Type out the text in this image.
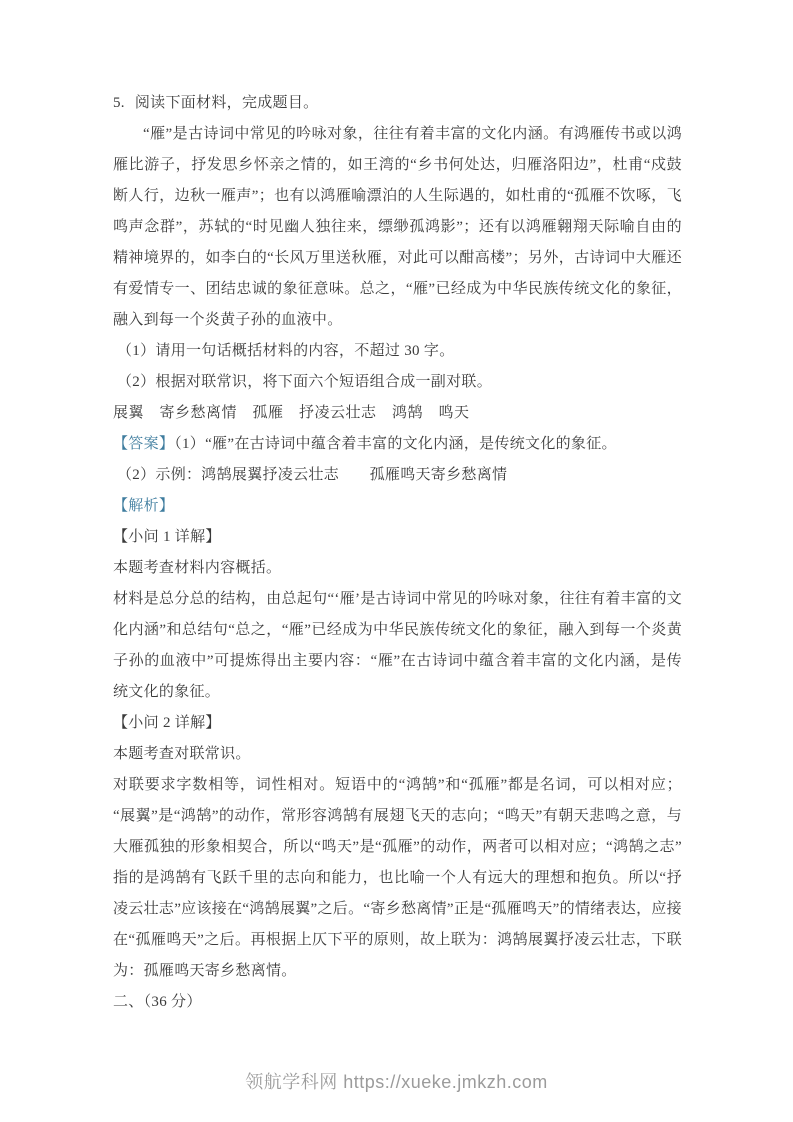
5. 阅读下面材料，完成题目。

“雁”是古诗词中常见的吟咏对象，往往有着丰富的文化内涵。有鸿雁传书或以鸿雁比游子，抒发思乡怀亲之情的，如王湾的“乡书何处达，归雁洛阳边”，杜甫“戍鼓断人行，边秋一雁声”；也有以鸿雁喻漂泊的人生际遇的，如杜甫的“孤雁不饮啄，飞鸣声念群”，苏轼的“时见幽人独往来，缥缈孤鸿影”；还有以鸿雁翱翔天际喻自由的精神境界的，如李白的“长风万里送秋雁，对此可以酣高楼”；另外，古诗词中大雁还有爱情专一、团结忠诚的象征意味。总之，“雁”已经成为中华民族传统文化的象征，融入到每一个炎黄子孙的血液中。

（1）请用一句话概括材料的内容，不超过 30 字。

（2）根据对联常识，将下面六个短语组合成一副对联。

展翼　寄乡愁离情　孤雁　抒凌云壮志　鸿鹄　鸣天

【答案】（1）“雁”在古诗词中蕴含着丰富的文化内涵，是传统文化的象征。

（2）示例：鸿鹄展翼抒凌云壮志　　孤雁鸣天寄乡愁离情

【解析】

【小问 1 详解】

本题考查材料内容概括。

材料是总分总的结构，由总起句“‘雁’是古诗词中常见的吟咏对象，往往有着丰富的文化内涵”和总结句“总之，“雁”已经成为中华民族传统文化的象征，融入到每一个炎黄子孙的血液中”可提炼得出主要内容：“雁”在古诗词中蕴含着丰富的文化内涵，是传统文化的象征。

【小问 2 详解】

本题考查对联常识。

对联要求字数相等，词性相对。短语中的“鸿鹄”和“孤雁”都是名词，可以相对应；“展翼”是“鸿鹄”的动作，常形容鸿鹄有展翅飞天的志向；“鸣天”有朝天悲鸣之意，与大雁孤独的形象相契合，所以“鸣天”是“孤雁”的动作，两者可以相对应；“鸿鹄之志”指的是鸿鹄有飞跃千里的志向和能力，也比喻一个人有远大的理想和抱负。所以“抒凌云壮志”应该接在“鸿鹄展翼”之后。“寄乡愁离情”正是“孤雁鸣天”的情绪表达，应接在“孤雁鸣天”之后。再根据上仄下平的原则，故上联为：鸿鹄展翼抒凌云壮志，下联为：孤雁鸣天寄乡愁离情。

二、（36 分）

领航学科网 https://xueke.jmkzh.com
